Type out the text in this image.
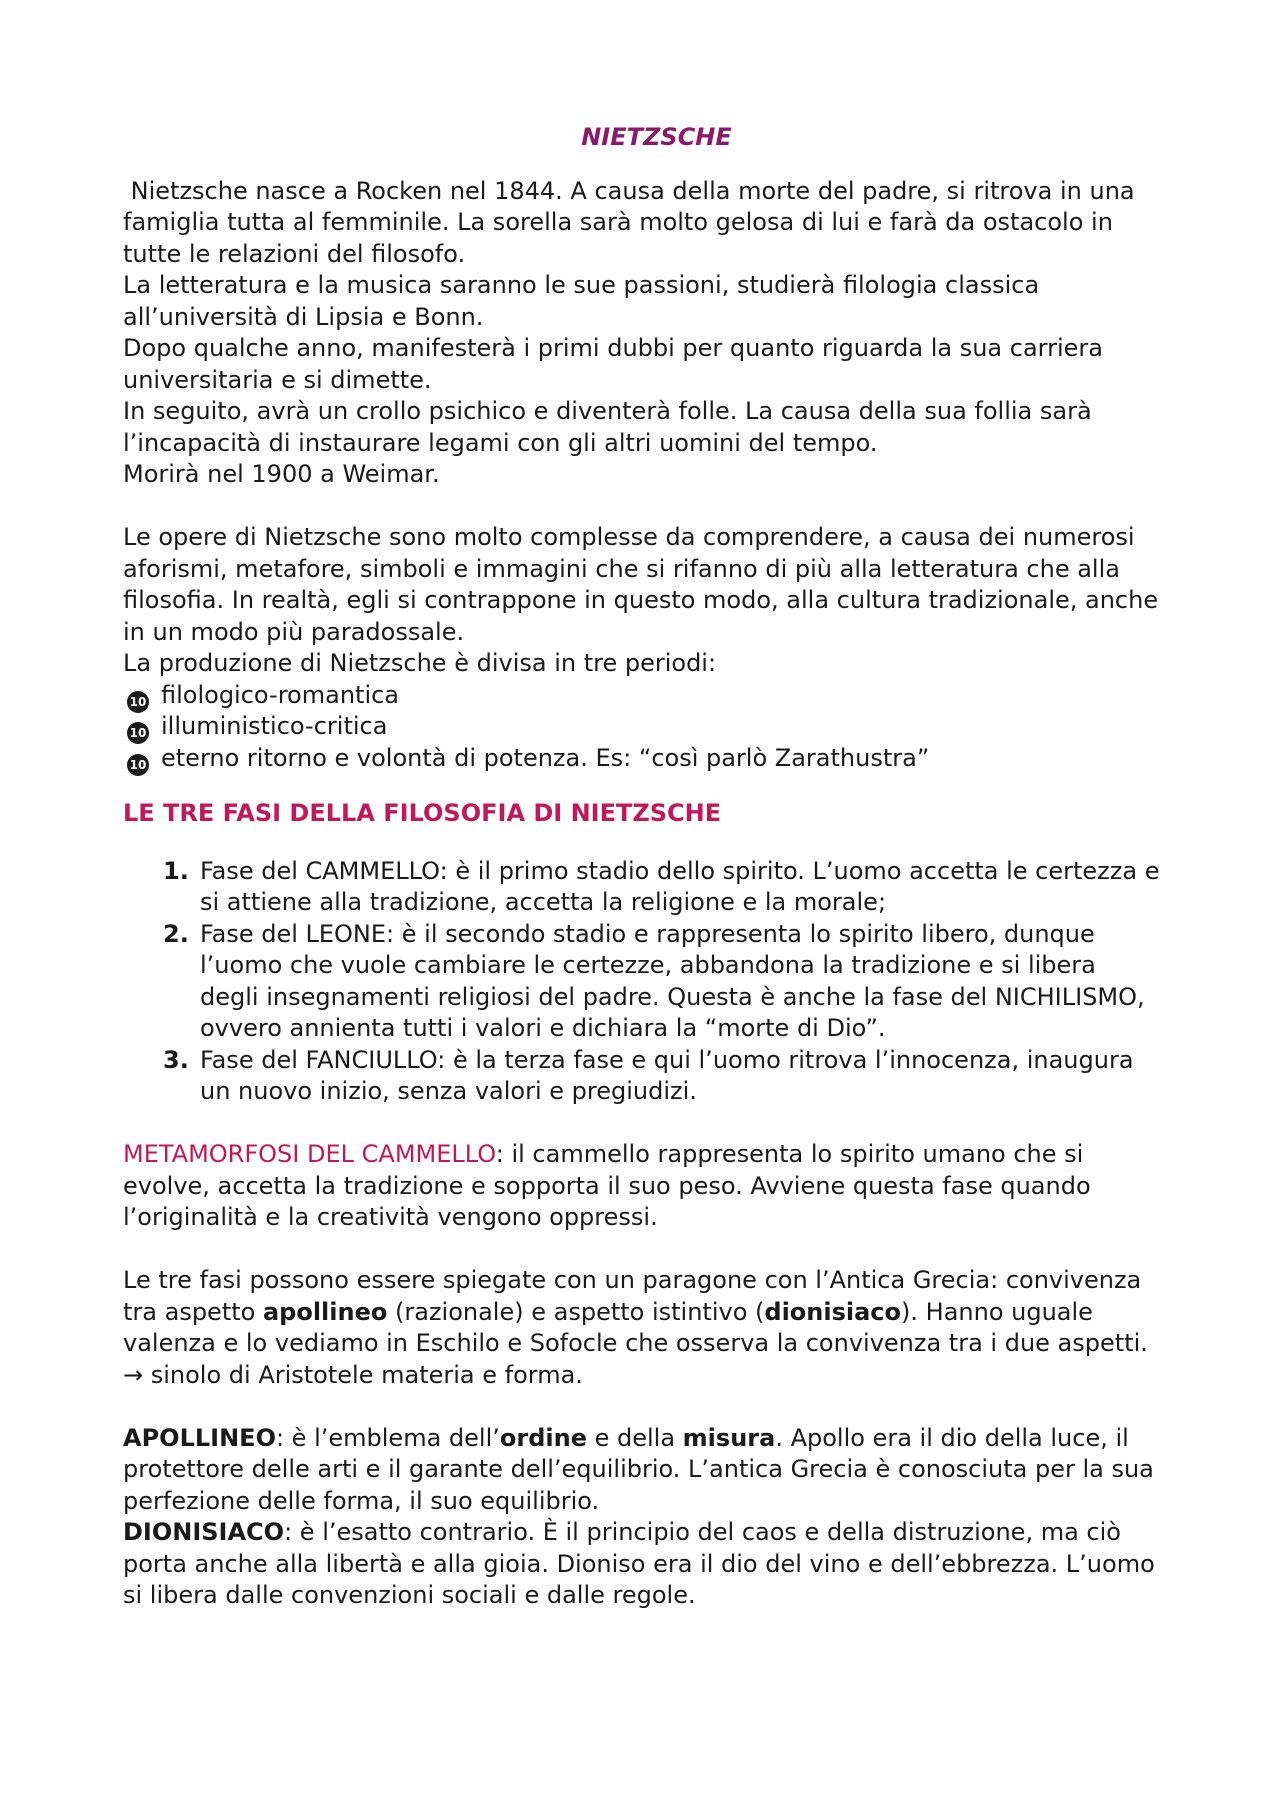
NIETZSCHE

Nietzsche nasce a Rocken nel 1844. A causa della morte del padre, si ritrova in una famiglia tutta al femminile. La sorella sarà molto gelosa di lui e farà da ostacolo in tutte le relazioni del filosofo.

La letteratura e la musica saranno le sue passioni, studierà filologia classica all’università di Lipsia e Bonn.

Dopo qualche anno, manifesterà i primi dubbi per quanto riguarda la sua carriera universitaria e si dimette.

In seguito, avrà un crollo psichico e diventerà folle. La causa della sua follia sarà l’incapacità di instaurare legami con gli altri uomini del tempo.

Morirà nel 1900 a Weimar.

Le opere di Nietzsche sono molto complesse da comprendere, a causa dei numerosi aforismi, metafore, simboli e immagini che si rifanno di più alla letteratura che alla filosofia. In realtà, egli si contrappone in questo modo, alla cultura tradizionale, anche in un modo più paradossale.

La produzione di Nietzsche è divisa in tre periodi:

10 filologico-romantica
10 illuministico-critica
10 eterno ritorno e volontà di potenza. Es: “così parlò Zarathustra”
LE TRE FASI DELLA FILOSOFIA DI NIETZSCHE
1. Fase del CAMMELLO: è il primo stadio dello spirito. L’uomo accetta le certezza e si attiene alla tradizione, accetta la religione e la morale;
2. Fase del LEONE: è il secondo stadio e rappresenta lo spirito libero, dunque l’uomo che vuole cambiare le certezze, abbandona la tradizione e si libera degli insegnamenti religiosi del padre. Questa è anche la fase del NICHILISMO, ovvero annienta tutti i valori e dichiara la “morte di Dio”.
3. Fase del FANCIULLO: è la terza fase e qui l’uomo ritrova l’innocenza, inaugura un nuovo inizio, senza valori e pregiudizi.

METAMORFOSI DEL CAMMELLO: il cammello rappresenta lo spirito umano che si evolve, accetta la tradizione e sopporta il suo peso. Avviene questa fase quando l’originalità e la creatività vengono oppressi.

Le tre fasi possono essere spiegate con un paragone con l’Antica Grecia: convivenza tra aspetto apollineo (razionale) e aspetto istintivo (dionisiaco). Hanno uguale valenza e lo vediamo in Eschilo e Sofocle che osserva la convivenza tra i due aspetti. → sinolo di Aristotele materia e forma.

APOLLINEO: è l’emblema dell’ordine e della misura. Apollo era il dio della luce, il protettore delle arti e il garante dell’equilibrio. L’antica Grecia è conosciuta per la sua perfezione delle forma, il suo equilibrio.

DIONISIACO: è l’esatto contrario. È il principio del caos e della distruzione, ma ciò porta anche alla libertà e alla gioia. Dioniso era il dio del vino e dell’ebbrezza. L’uomo si libera dalle convenzioni sociali e dalle regole.
